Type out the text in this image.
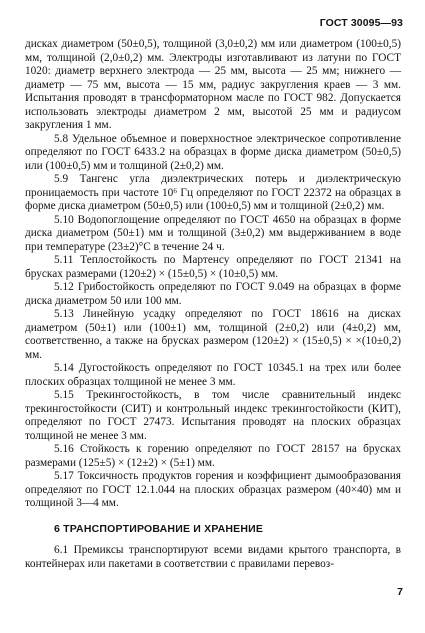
ГОСТ 30095—93

дисках диаметром (50±0,5), толщиной (3,0±0,2) мм или диаметром (100±0,5) мм, толщиной (2,0±0,2) мм. Электроды изготавливают из латуни по ГОСТ 1020: диаметр верхнего электрода — 25 мм, высота — 25 мм; нижнего — диаметр — 75 мм, высота — 15 мм, радиус закругления краев — 3 мм. Испытания проводят в трансформаторном масле по ГОСТ 982. Допускается использовать электроды диаметром 2 мм, высотой 25 мм и радиусом закругления 1 мм.

5.8 Удельное объемное и поверхностное электрическое сопротивление определяют по ГОСТ 6433.2 на образцах в форме диска диаметром (50±0,5) или (100±0,5) мм и толщиной (2±0,2) мм.

5.9 Тангенс угла диэлектрических потерь и диэлектрическую проницаемость при частоте 10⁶ Гц определяют по ГОСТ 22372 на образцах в форме диска диаметром (50±0,5) или (100±0,5) мм и толщиной (2±0,2) мм.

5.10 Водопоглощение определяют по ГОСТ 4650 на образцах в форме диска диаметром (50±1) мм и толщиной (3±0,2) мм выдерживанием в воде при температуре (23±2)°С в течение 24 ч.

5.11 Теплостойкость по Мартенсу определяют по ГОСТ 21341 на брусках размерами (120±2) × (15±0,5) × (10±0,5) мм.

5.12 Грибостойкость определяют по ГОСТ 9.049 на образцах в форме диска диаметром 50 или 100 мм.

5.13 Линейную усадку определяют по ГОСТ 18616 на дисках диаметром (50±1) или (100±1) мм, толщиной (2±0,2) или (4±0,2) мм, соответственно, а также на брусках размером (120±2) × (15±0,5) × ×(10±0,2) мм.

5.14 Дугостойкость определяют по ГОСТ 10345.1 на трех или более плоских образцах толщиной не менее 3 мм.

5.15 Трекингостойкость, в том числе сравнительный индекс трекингостойкости (СИТ) и контрольный индекс трекингостойкости (КИТ), определяют по ГОСТ 27473. Испытания проводят на плоских образцах толщиной не менее 3 мм.

5.16 Стойкость к горению определяют по ГОСТ 28157 на брусках размерами (125±5) × (12±2) × (5±1) мм.

5.17 Токсичность продуктов горения и коэффициент дымообразования определяют по ГОСТ 12.1.044 на плоских образцах размером (40×40) мм и толщиной 3—4 мм.

6 ТРАНСПОРТИРОВАНИЕ И ХРАНЕНИЕ

6.1 Премиксы транспортируют всеми видами крытого транспорта, в контейнерах или пакетами в соответствии с правилами перевоз-

7
